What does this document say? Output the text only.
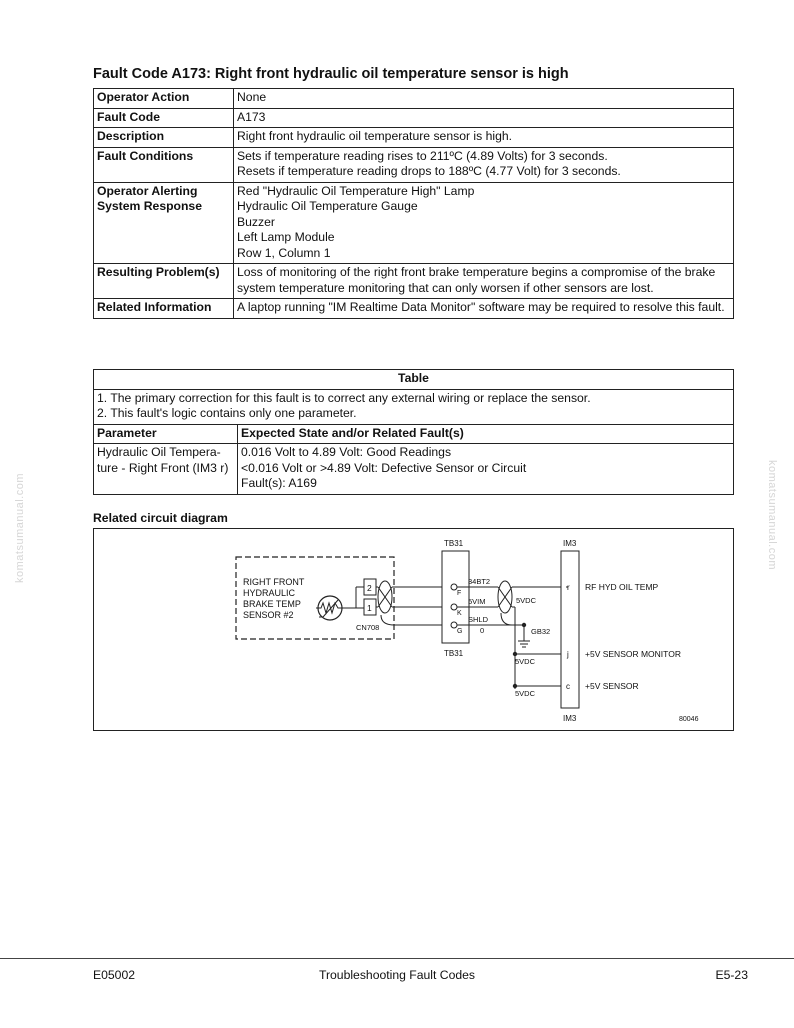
komatsumanual.com	komatsumanual.com
Fault Code A173: Right front hydraulic oil temperature sensor is high
Operator Action	None

Fault Code	A173

Description	Right front hydraulic oil temperature sensor is high.

Fault Conditions	Sets if temperature reading rises to 211ºC (4.89 Volts) for 3 seconds.
Resets if temperature reading drops to 188ºC (4.77 Volt) for 3 seconds.

Operator Alerting System Response	Red "Hydraulic Oil Temperature High" Lamp
Hydraulic Oil Temperature Gauge
Buzzer
Left Lamp Module
Row 1, Column 1

Resulting Problem(s)	Loss of monitoring of the right front brake temperature begins a compromise of the brake system temperature monitoring that can only worsen if other sensors are lost.

Related Information	A laptop running "IM Realtime Data Monitor" software may be required to resolve this fault.
Table	

1. The primary correction for this fault is to correct any external wiring or replace the sensor.
2. This fault's logic contains only one parameter.	

Parameter	Expected State and/or Related Fault(s)
Hydraulic Oil Tempera-ture - Right Front (IM3 r)	0.016 Volt to 4.89 Volt: Good Readings
<0.016 Volt or >4.89 Volt: Defective Sensor or Circuit
Fault(s): A169
Related circuit diagram
RIGHT FRONT
HYDRAULIC
BRAKE TEMP
SENSOR #2
2
1
CN708
TB31
TB31
F
K
G
34BT2
5VIM
SHLD
0
5VDC
GB32
IM3
IM3
r
j
c
RF HYD OIL TEMP
+5V SENSOR MONITOR
+5V SENSOR
5VDC
5VDC
80046
E05002	Troubleshooting Fault Codes	E5-23
